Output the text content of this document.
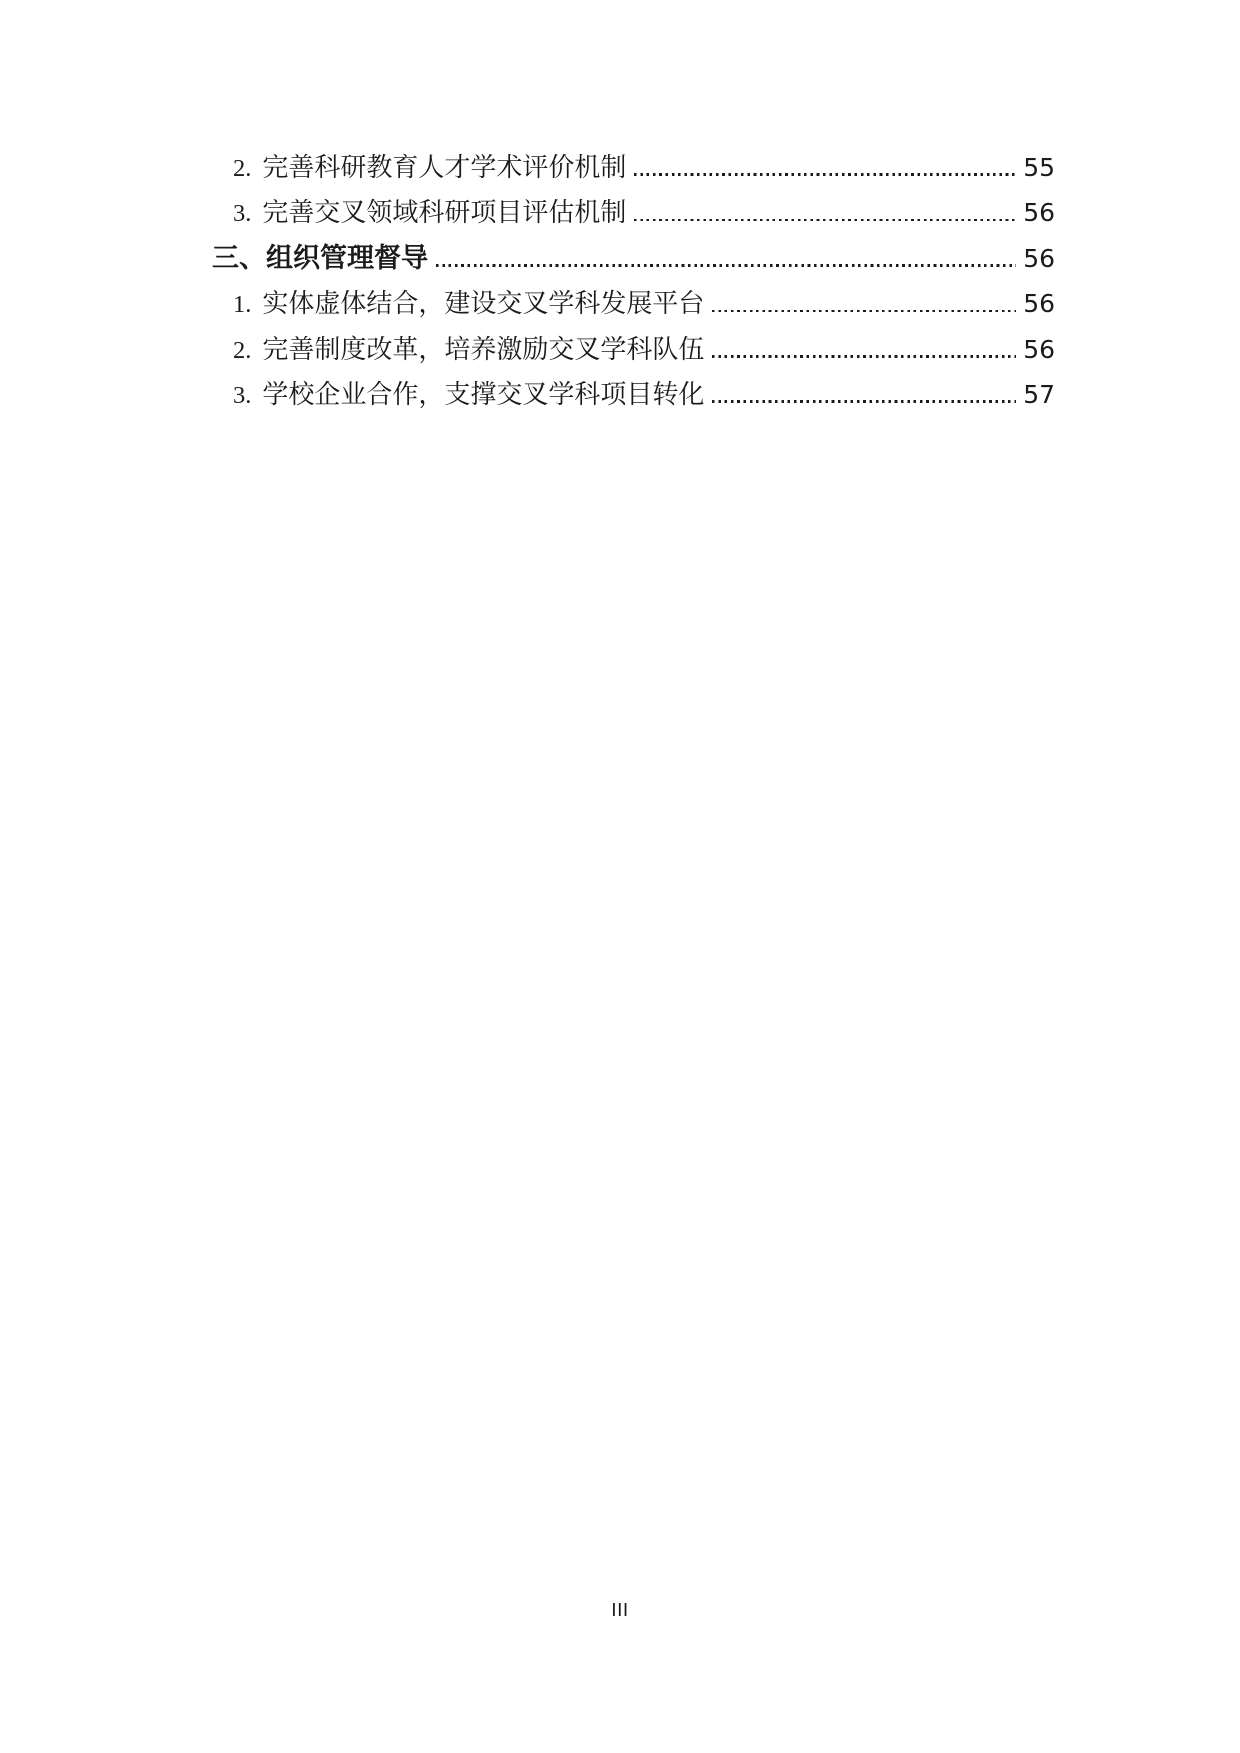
2. 完善科研教育人才学术评价机制	55
3. 完善交叉领域科研项目评估机制	56
三、 组织管理督导	56
1. 实体虚体结合，建设交叉学科发展平台	56
2. 完善制度改革，培养激励交叉学科队伍	56
3. 学校企业合作，支撑交叉学科项目转化	57
III
